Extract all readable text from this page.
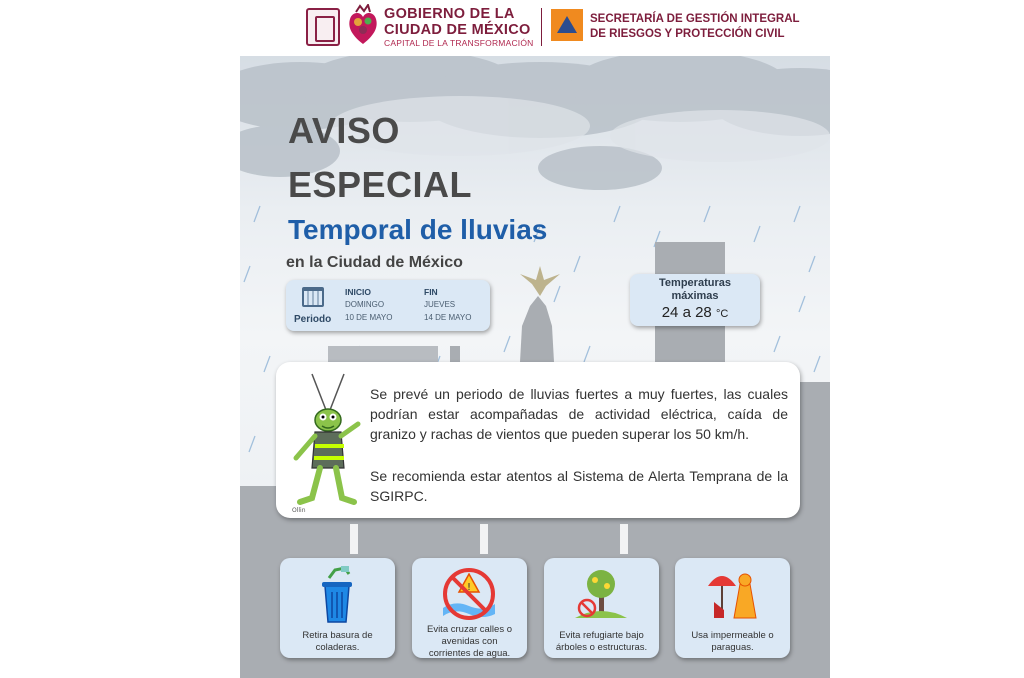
GOBIERNO DE LA
CIUDAD DE MÉXICO
CAPITAL DE LA TRANSFORMACIÓN
SECRETARÍA DE GESTIÓN INTEGRAL
DE RIESGOS Y PROTECCIÓN CIVIL
AVISO
ESPECIAL
Temporal de lluvias
en la Ciudad de México
Periodo
INICIO
DOMINGO
10 DE MAYO
FIN
JUEVES
14 DE MAYO
Temperaturas
máximas
24 a 28 °C
Ollin
Se prevé un periodo de lluvias fuertes a muy fuertes, las cuales podrían estar acompañadas de actividad eléctrica, caída de granizo y rachas de vientos que pueden superar los 50 km/h.
Se recomienda estar atentos al Sistema de Alerta Temprana de la SGIRPC.
Retira basura de
coladeras.
!
Evita cruzar calles o
avenidas con
corrientes de agua.
Evita refugiarte bajo
árboles o estructuras.
Usa impermeable o
paraguas.
